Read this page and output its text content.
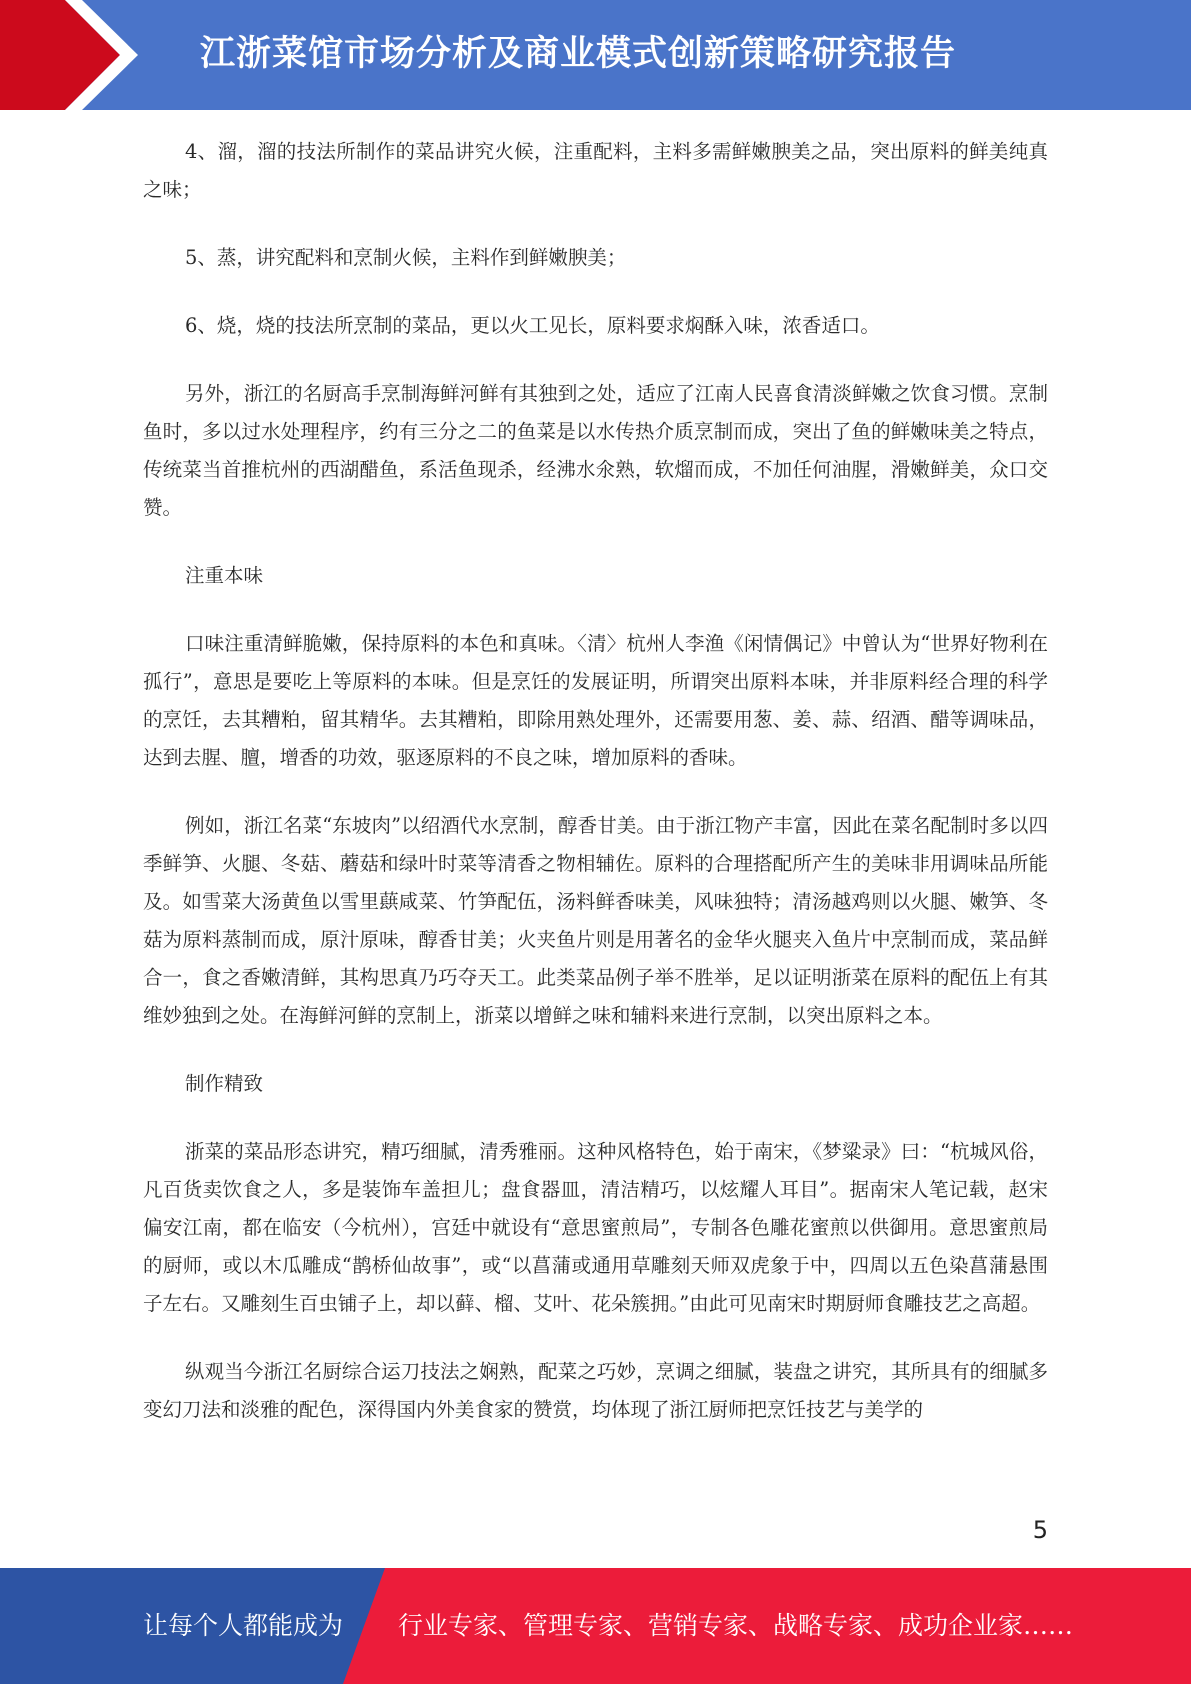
江浙菜馆市场分析及商业模式创新策略研究报告

4、溜，溜的技法所制作的菜品讲究火候，注重配料，主料多需鲜嫩腴美之品，突出原料的鲜美纯真之味；

5、蒸，讲究配料和烹制火候，主料作到鲜嫩腴美；

6、烧，烧的技法所烹制的菜品，更以火工见长，原料要求焖酥入味，浓香适口。

另外，浙江的名厨高手烹制海鲜河鲜有其独到之处，适应了江南人民喜食清淡鲜嫩之饮食习惯。烹制鱼时，多以过水处理程序，约有三分之二的鱼菜是以水传热介质烹制而成，突出了鱼的鲜嫩味美之特点，传统菜当首推杭州的西湖醋鱼，系活鱼现杀，经沸水氽熟，软熘而成，不加任何油腥，滑嫩鲜美，众口交赞。

注重本味

口味注重清鲜脆嫩，保持原料的本色和真味。〈清〉杭州人李渔《闲情偶记》中曾认为“世界好物利在孤行”，意思是要吃上等原料的本味。但是烹饪的发展证明，所谓突出原料本味，并非原料经合理的科学的烹饪，去其糟粕，留其精华。去其糟粕，即除用熟处理外，还需要用葱、姜、蒜、绍酒、醋等调味品，达到去腥、膻，增香的功效，驱逐原料的不良之味，增加原料的香味。

例如，浙江名菜“东坡肉”以绍酒代水烹制，醇香甘美。由于浙江物产丰富，因此在菜名配制时多以四季鲜笋、火腿、冬菇、蘑菇和绿叶时菜等清香之物相辅佐。原料的合理搭配所产生的美味非用调味品所能及。如雪菜大汤黄鱼以雪里蕻咸菜、竹笋配伍，汤料鲜香味美，风味独特；清汤越鸡则以火腿、嫩笋、冬菇为原料蒸制而成，原汁原味，醇香甘美；火夹鱼片则是用著名的金华火腿夹入鱼片中烹制而成，菜品鲜合一，食之香嫩清鲜，其构思真乃巧夺天工。此类菜品例子举不胜举，足以证明浙菜在原料的配伍上有其维妙独到之处。在海鲜河鲜的烹制上，浙菜以增鲜之味和辅料来进行烹制，以突出原料之本。

制作精致

浙菜的菜品形态讲究，精巧细腻，清秀雅丽。这种风格特色，始于南宋，《梦粱录》曰：“杭城风俗，凡百货卖饮食之人，多是装饰车盖担儿；盘食器皿，清洁精巧，以炫耀人耳目”。据南宋人笔记载，赵宋偏安江南，都在临安（今杭州），宫廷中就设有“意思蜜煎局”，专制各色雕花蜜煎以供御用。意思蜜煎局的厨师，或以木瓜雕成“鹊桥仙故事”，或“以菖蒲或通用草雕刻天师双虎象于中，四周以五色染菖蒲悬围子左右。又雕刻生百虫铺子上，却以藓、榴、艾叶、花朵簇拥。”由此可见南宋时期厨师食雕技艺之高超。

纵观当今浙江名厨综合运刀技法之娴熟，配菜之巧妙，烹调之细腻，装盘之讲究，其所具有的细腻多变幻刀法和淡雅的配色，深得国内外美食家的赞赏，均体现了浙江厨师把烹饪技艺与美学的

5
让每个人都能成为 行业专家、管理专家、营销专家、战略专家、成功企业家……
